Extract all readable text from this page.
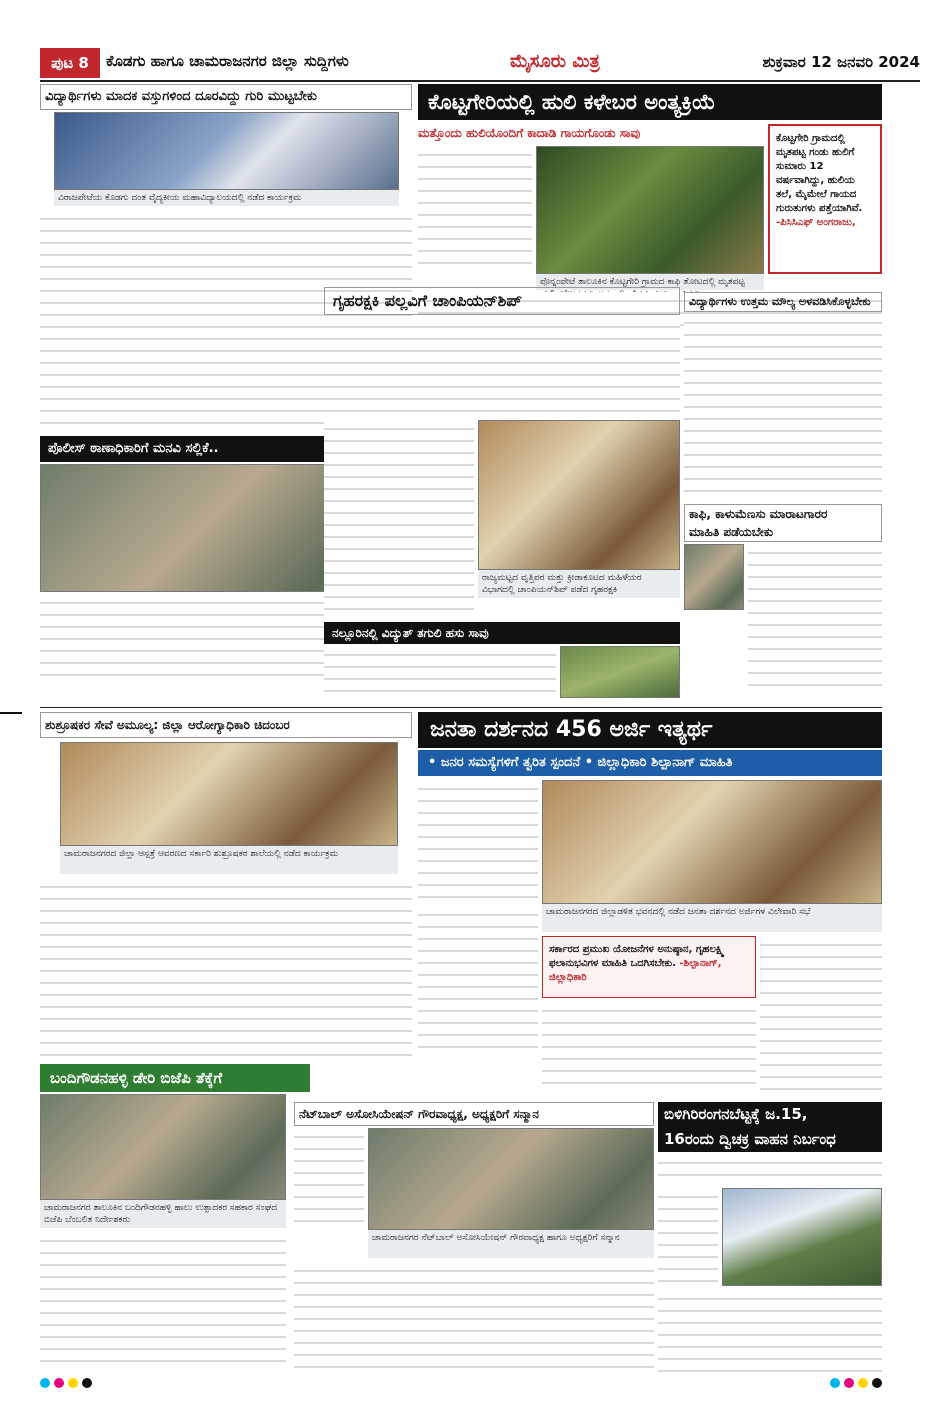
ಪುಟ 8	ಕೊಡಗು ಹಾಗೂ ಚಾಮರಾಜನಗರ ಜಿಲ್ಲಾ ಸುದ್ದಿಗಳು	ಮೈಸೂರು ಮಿತ್ರ	ಶುಕ್ರವಾರ 12 ಜನವರಿ 2024
ವಿದ್ಯಾರ್ಥಿಗಳು ಮಾದಕ ವಸ್ತುಗಳಿಂದ ದೂರವಿದ್ದು ಗುರಿ ಮುಟ್ಟಬೇಕು
ವಿರಾಜಪೇಟೆಯ ಕೊಡಗು ದಂತ ವೈದ್ಯಕೀಯ ಮಹಾವಿದ್ಯಾಲಯದಲ್ಲಿ ನಡೆದ ಕಾರ್ಯಕ್ರಮ
ಪೊಲೀಸ್ ಠಾಣಾಧಿಕಾರಿಗೆ ಮನವಿ ಸಲ್ಲಿಕೆ..
ಕೊಟ್ಟಗೇರಿಯಲ್ಲಿ ಹುಲಿ ಕಳೇಬರ ಅಂತ್ಯಕ್ರಿಯೆ
ಮತ್ತೊಂದು ಹುಲಿಯೊಂದಿಗೆ ಕಾದಾಡಿ ಗಾಯಗೊಂಡು ಸಾವು	ಕೊಟ್ಟಗೇರಿ ಗ್ರಾಮದಲ್ಲಿ ಮೃತಪಟ್ಟ ಗಂಡು ಹುಲಿಗೆ ಸುಮಾರು 12 ವರ್ಷವಾಗಿದ್ದು, ಹುಲಿಯ ತಲೆ, ಮೈಮೇಲೆ ಗಾಯದ ಗುರುತುಗಳು ಪತ್ತೆಯಾಗಿವೆ.
-ಪಿಸಿಸಿಎಫ್ ಅಂಗರಾಜು,
ಪೊನ್ನಂಪೇಟೆ ತಾಲೂಕಿನ ಕೊಟ್ಟಗೇರಿ ಗ್ರಾಮದ ಕಾಫಿ ತೋಟದಲ್ಲಿ ಮೃತಪಟ್ಟ
ಗೃಹರಕ್ಷಕಿ ಪಲ್ಲವಿಗೆ ಚಾಂಪಿಯನ್‌ಶಿಪ್
ರಾಜ್ಯಮಟ್ಟದ ವೃತ್ತಿಪರ ಮತ್ತು ಕ್ರೀಡಾಕೂಟದ ಮಹಿಳೆಯರ ವಿಭಾಗದಲ್ಲಿ ಚಾಂಪಿಯನ್‌ಶಿಪ್ ಪಡೆದ ಗೃಹರಕ್ಷಕಿ
ನಲ್ಲೂರಿನಲ್ಲಿ ವಿದ್ಯುತ್ ತಗುಲಿ ಹಸು ಸಾವು
ವಿದ್ಯಾರ್ಥಿಗಳು ಉತ್ತಮ ಮೌಲ್ಯ ಅಳವಡಿಸಿಕೊಳ್ಳಬೇಕು
ಕಾಫಿ, ಕಾಳುಮೆಣಸು ಮಾರಾಟಗಾರರ
ಮಾಹಿತಿ ಪಡೆಯಬೇಕು
ಶುಶ್ರೂಷಕರ ಸೇವೆ ಅಮೂಲ್ಯ: ಜಿಲ್ಲಾ ಆರೋಗ್ಯಾಧಿಕಾರಿ ಚಿದಂಬರ
ಚಾಮರಾಜನಗರದ ಜಿಲ್ಲಾ ಆಸ್ಪತ್ರೆ ಆವರಣದ ಸರ್ಕಾರಿ ಶುಶ್ರೂಷಕರ ಶಾಲೆಯಲ್ಲಿ ನಡೆದ ಕಾರ್ಯಕ್ರಮ
ಬಂದಿಗೌಡನಹಳ್ಳಿ ಡೇರಿ ಬಿಜೆಪಿ ತೆಕ್ಕೆಗೆ
ಚಾಮರಾಜನಗರ ತಾಲೂಕಿನ ಬಂದಿಗೌಡನಹಳ್ಳಿ ಹಾಲು ಉತ್ಪಾದಕರ ಸಹಕಾರ ಸಂಘದ ಬಿಜೆಪಿ ಬೆಂಬಲಿತ ನಿರ್ದೇಶಕರು
ಜನತಾ ದರ್ಶನದ 456 ಅರ್ಜಿ ಇತ್ಯರ್ಥ
• ಜನರ ಸಮಸ್ಯೆಗಳಿಗೆ ತ್ವರಿತ ಸ್ಪಂದನೆ • ಜಿಲ್ಲಾಧಿಕಾರಿ ಶಿಲ್ಪಾನಾಗ್ ಮಾಹಿತಿ
ಚಾಮರಾಜನಗರದ ಜಿಲ್ಲಾಡಳಿತ ಭವನದಲ್ಲಿ ನಡೆದ ಜನತಾ ದರ್ಶನದ ಅರ್ಜಿಗಳ ವಿಲೇವಾರಿ ಸಭೆ
ಸರ್ಕಾರದ ಪ್ರಮುಖ ಯೋಜನೆಗಳ ಅನುಷ್ಠಾನ, ಗೃಹಲಕ್ಷ್ಮಿ ಫಲಾನುಭವಿಗಳ ಮಾಹಿತಿ ಒದಗಿಸಬೇಕು. -ಶಿಲ್ಪಾನಾಗ್, ಜಿಲ್ಲಾಧಿಕಾರಿ
ನೆಟ್‌ಬಾಲ್ ಅಸೋಸಿಯೇಷನ್ ಗೌರವಾಧ್ಯಕ್ಷ, ಅಧ್ಯಕ್ಷರಿಗೆ ಸನ್ಮಾನ
ಚಾಮರಾಜನಗರ ನೆಟ್‌ಬಾಲ್ ಅಸೋಸಿಯೇಷನ್ ಗೌರವಾಧ್ಯಕ್ಷ ಹಾಗೂ ಅಧ್ಯಕ್ಷರಿಗೆ ಸನ್ಮಾನ
ಬಿಳಿಗಿರಿರಂಗನಬೆಟ್ಟಕ್ಕೆ ಜ.15,
16ರಂದು ದ್ವಿಚಕ್ರ ವಾಹನ ನಿರ್ಬಂಧ
